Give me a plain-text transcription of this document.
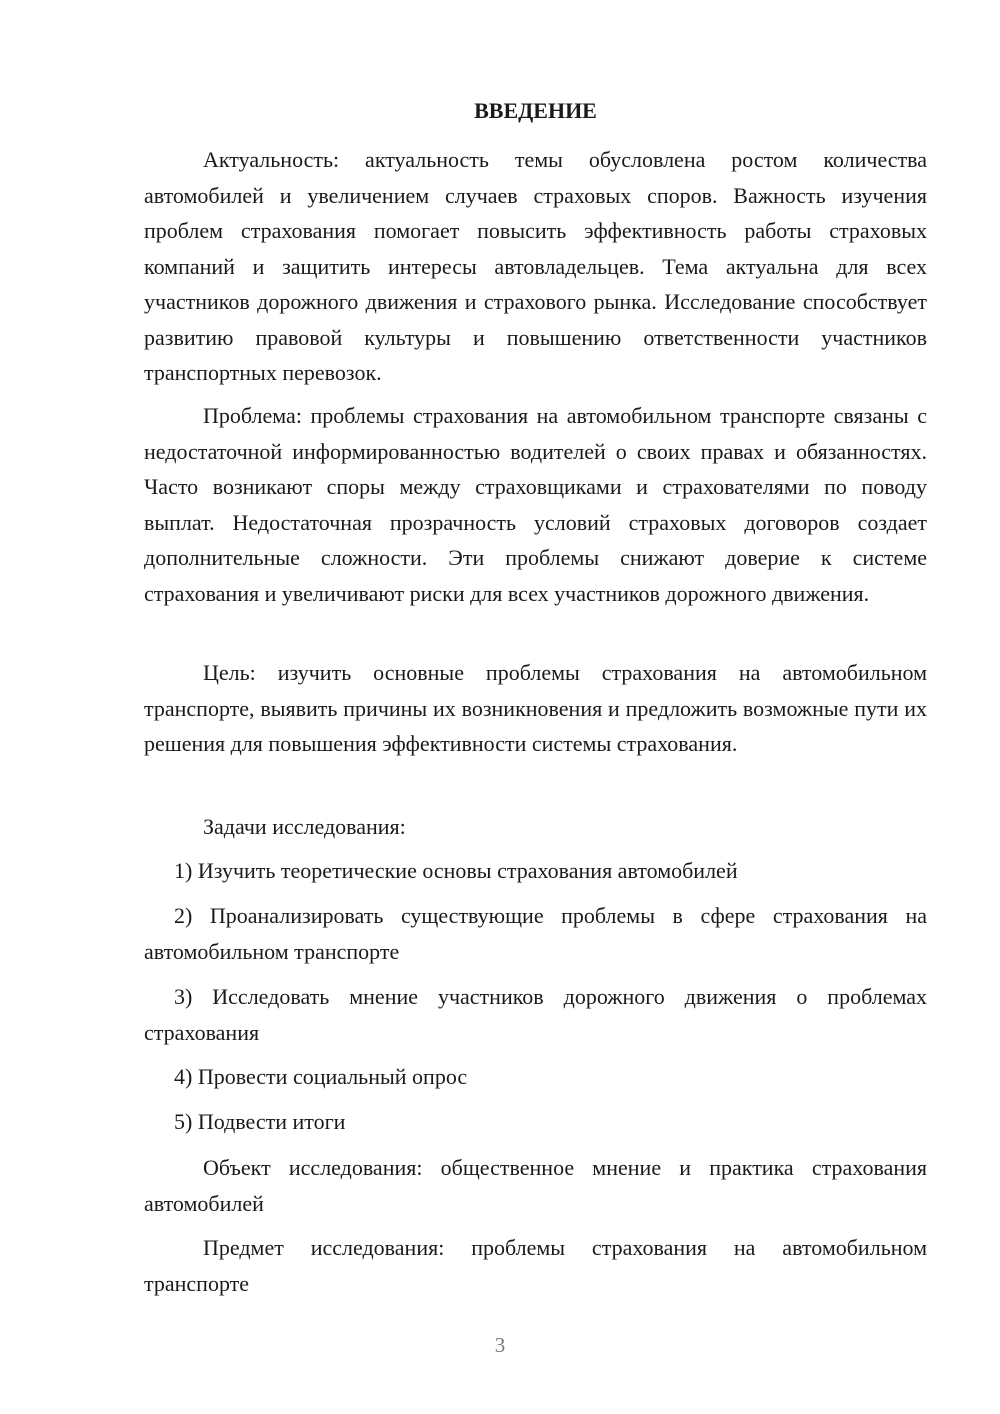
ВВЕДЕНИЕ

Актуальность: актуальность темы обусловлена ростом количества автомобилей и увеличением случаев страховых споров. Важность изучения проблем страхования помогает повысить эффективность работы страховых компаний и защитить интересы автовладельцев. Тема актуальна для всех участников дорожного движения и страхового рынка. Исследование способствует развитию правовой культуры и повышению ответственности участников транспортных перевозок.

Проблема: проблемы страхования на автомобильном транспорте связаны с недостаточной информированностью водителей о своих правах и обязанностях. Часто возникают споры между страховщиками и страхователями по поводу выплат. Недостаточная прозрачность условий страховых договоров создает дополнительные сложности. Эти проблемы снижают доверие к системе страхования и увеличивают риски для всех участников дорожного движения.

Цель: изучить основные проблемы страхования на автомобильном транспорте, выявить причины их возникновения и предложить возможные пути их решения для повышения эффективности системы страхования.

Задачи исследования:

1) Изучить теоретические основы страхования автомобилей

2) Проанализировать существующие проблемы в сфере страхования на автомобильном транспорте

3) Исследовать мнение участников дорожного движения о проблемах страхования

4) Провести социальный опрос

5) Подвести итоги

Объект исследования: общественное мнение и практика страхования автомобилей

Предмет исследования: проблемы страхования на автомобильном транспорте

3
